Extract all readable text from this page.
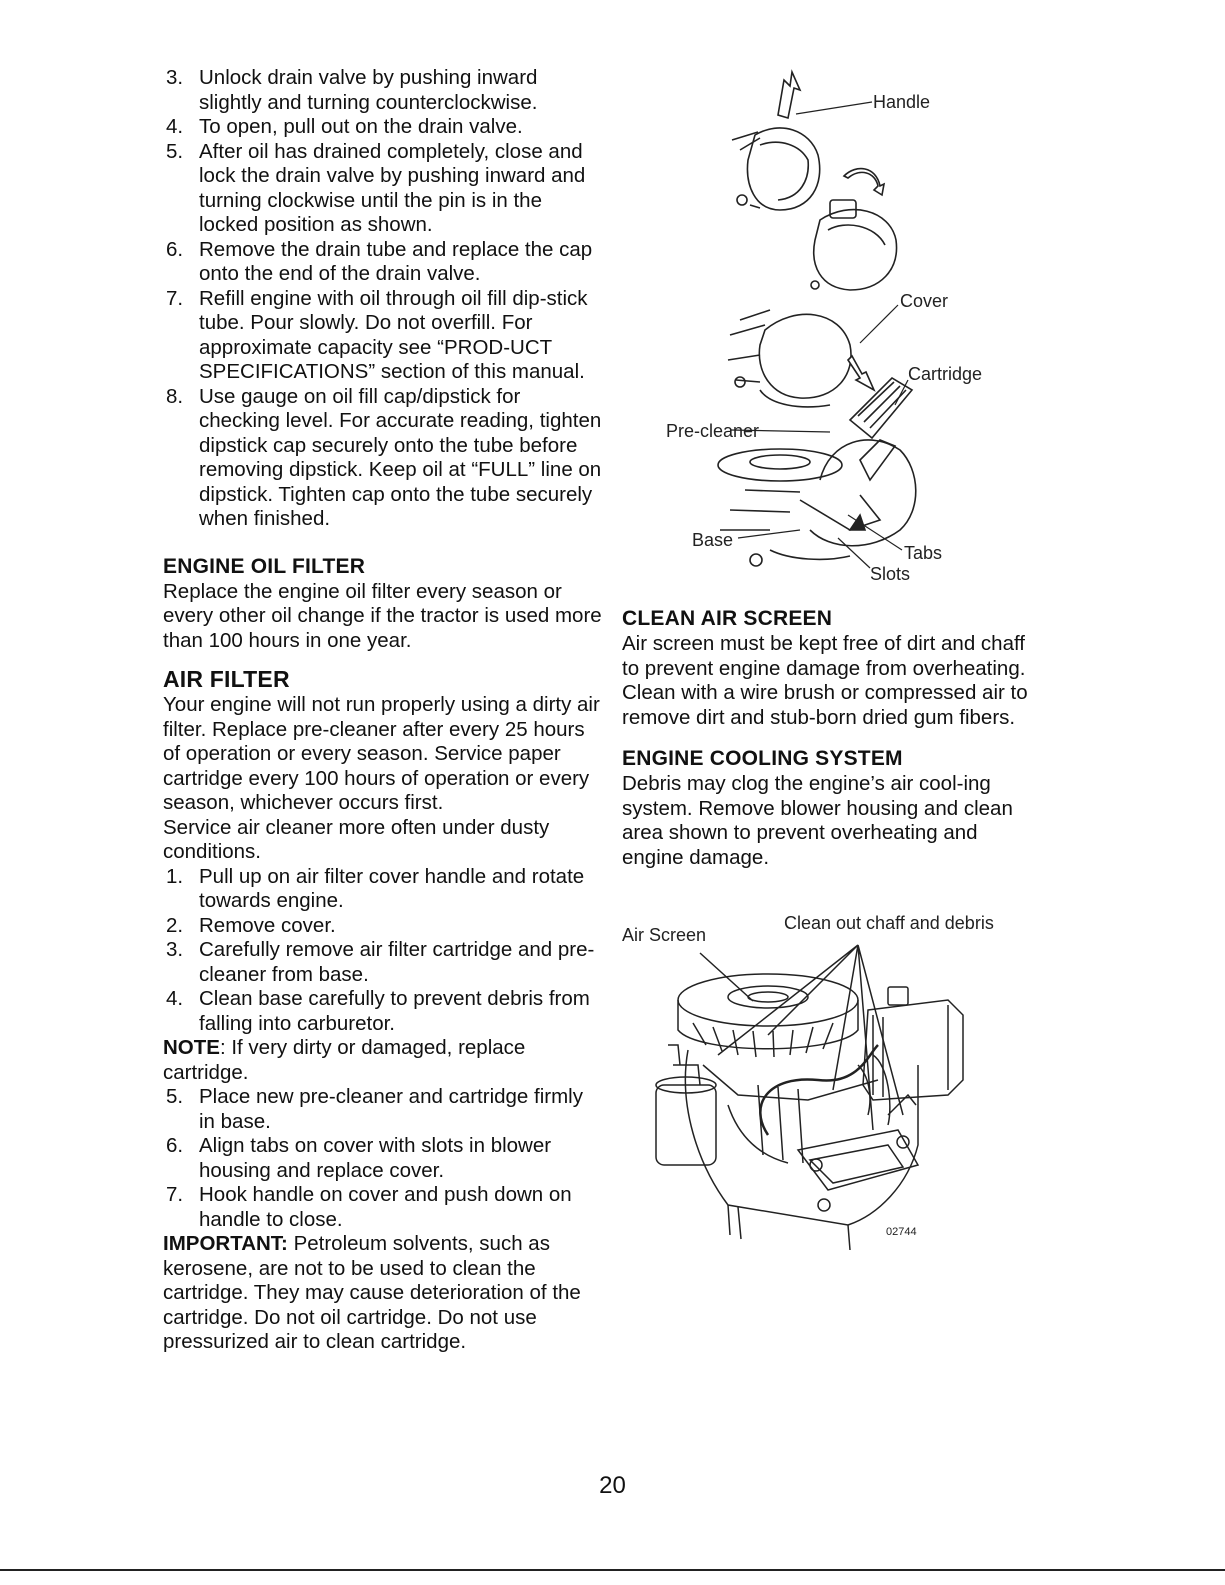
3. Unlock drain valve by pushing inward slightly and turning counterclockwise.
4. To open, pull out on the drain valve.
5. After oil has drained completely, close and lock the drain valve by pushing inward and turning clockwise until the pin is in the locked position as shown.
6. Remove the drain tube and replace the cap onto the end of the drain valve.
7. Refill engine with oil through oil fill dip-stick tube. Pour slowly. Do not overfill. For approximate capacity see “PROD-UCT SPECIFICATIONS” section of this manual.
8. Use gauge on oil fill cap/dipstick for checking level. For accurate reading, tighten dipstick cap securely onto the tube before removing dipstick. Keep oil at “FULL” line on dipstick. Tighten cap onto the tube securely when finished.
ENGINE OIL FILTER

Replace the engine oil filter every season or every other oil change if the tractor is used more than 100 hours in one year.

AIR FILTER

Your engine will not run properly using a dirty air filter. Replace pre-cleaner after every 25 hours of operation or every season. Service paper cartridge every 100 hours of operation or every season, whichever occurs first.

Service air cleaner more often under dusty conditions.

1. Pull up on air filter cover handle and rotate towards engine.
2. Remove cover.
3. Carefully remove air filter cartridge and pre-cleaner from base.
4. Clean base carefully to prevent debris from falling into carburetor.

NOTE: If very dirty or damaged, replace cartridge.

5. Place new pre-cleaner and cartridge firmly in base.
6. Align tabs on cover with slots in blower housing and replace cover.
7. Hook handle on cover and push down on handle to close.

IMPORTANT: Petroleum solvents, such as kerosene, are not to be used to clean the cartridge. They may cause deterioration of the cartridge. Do not oil cartridge. Do not use pressurized air to clean cartridge.

Handle
Cover
Cartridge
Pre-cleaner
Base
Tabs
Slots
CLEAN AIR SCREEN

Air screen must be kept free of dirt and chaff to prevent engine damage from overheating. Clean with a wire brush or compressed air to remove dirt and stub-born dried gum fibers.

ENGINE COOLING SYSTEM

Debris may clog the engine’s air cool-ing system. Remove blower housing and clean area shown to prevent overheating and engine damage.

Clean out chaff and debris
Air Screen
02744
20
